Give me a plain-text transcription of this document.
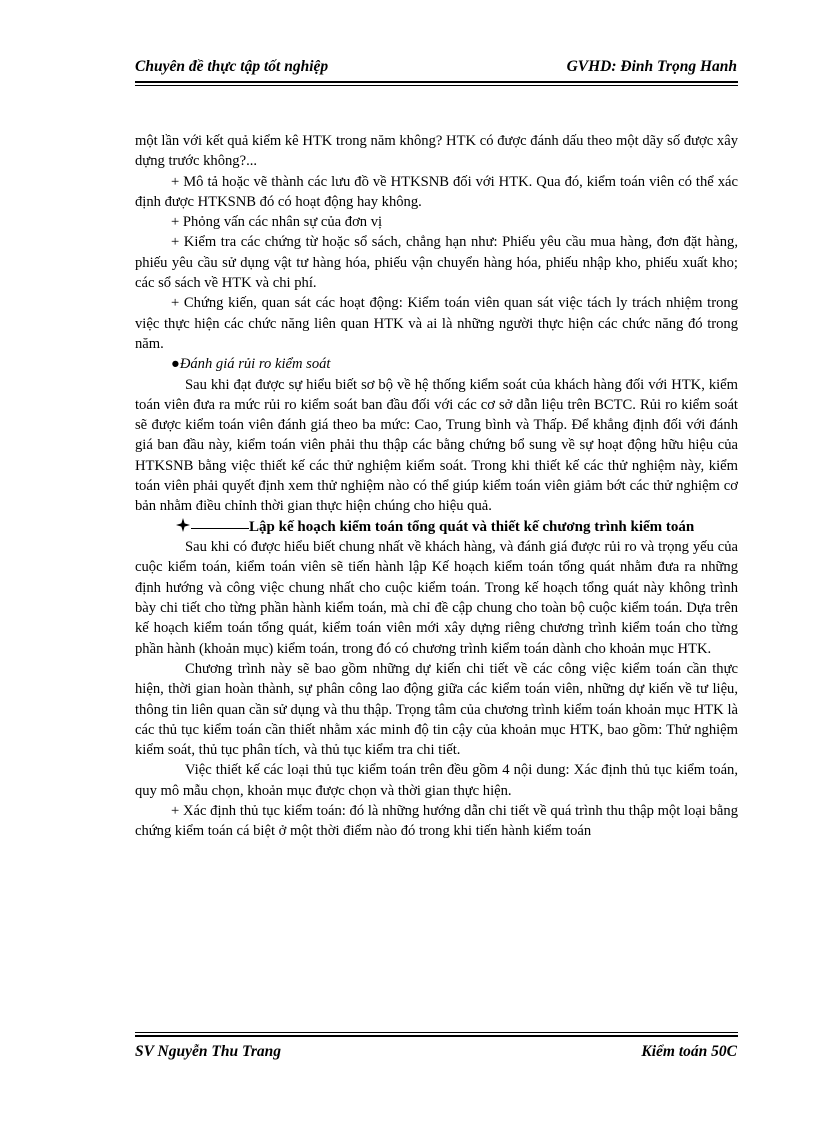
Chuyên đề thực tập tốt nghiệp	GVHD: Đinh Trọng Hanh

một lần với kết quả kiểm kê HTK trong năm không? HTK có được đánh dấu theo một dãy số được xây dựng trước không?...

+ Mô tả hoặc vẽ thành các lưu đồ về HTKSNB đối với HTK. Qua đó, kiểm toán viên có thể xác định được HTKSNB đó có hoạt động hay không.

+ Phỏng vấn các nhân sự của đơn vị

+ Kiểm tra các chứng từ hoặc sổ sách, chẳng hạn như: Phiếu yêu cầu mua hàng, đơn đặt hàng, phiếu yêu cầu sử dụng vật tư hàng hóa, phiếu vận chuyển hàng hóa, phiếu nhập kho, phiếu xuất kho; các sổ sách về HTK và chi phí.

+ Chứng kiến, quan sát các hoạt động: Kiểm toán viên quan sát việc tách ly trách nhiệm trong việc thực hiện các chức năng liên quan HTK và ai là những người thực hiện các chức năng đó trong năm.

●Đánh giá rủi ro kiểm soát

Sau khi đạt được sự hiểu biết sơ bộ về hệ thống kiểm soát của khách hàng đối với HTK, kiểm toán viên đưa ra mức rủi ro kiểm soát ban đầu đối với các cơ sở dẫn liệu trên BCTC. Rủi ro kiểm soát sẽ được kiểm toán viên đánh giá theo ba mức: Cao, Trung bình và Thấp. Để khẳng định đối với đánh giá ban đầu này, kiểm toán viên phải thu thập các bằng chứng bổ sung về sự hoạt động hữu hiệu của HTKSNB bằng việc thiết kế các thử nghiệm kiểm soát. Trong khi thiết kế các thử nghiệm này, kiểm toán viên phải quyết định xem thử nghiệm nào có thể giúp kiểm toán viên giảm bớt các thử nghiệm cơ bản nhằm điều chỉnh thời gian thực hiện chúng cho hiệu quả.

Lập kế hoạch kiểm toán tổng quát và thiết kế chương trình kiểm toán

Sau khi có được hiểu biết chung nhất về khách hàng, và đánh giá được rủi ro và trọng yếu của cuộc kiểm toán, kiểm toán viên sẽ tiến hành lập Kế hoạch kiểm toán tổng quát nhằm đưa ra những định hướng và công việc chung nhất cho cuộc kiểm toán. Trong kế hoạch tổng quát này không trình bày chi tiết cho từng phần hành kiểm toán, mà chỉ đề cập chung cho toàn bộ cuộc kiểm toán. Dựa trên kế hoạch kiểm toán tổng quát, kiểm toán viên mới xây dựng riêng chương trình kiểm toán cho từng phần hành (khoản mục) kiểm toán, trong đó có chương trình kiểm toán dành cho khoản mục HTK.

Chương trình này sẽ bao gồm những dự kiến chi tiết về các công việc kiểm toán cần thực hiện, thời gian hoàn thành, sự phân công lao động giữa các kiểm toán viên, những dự kiến về tư liệu, thông tin liên quan cần sử dụng và thu thập. Trọng tâm của chương trình kiểm toán khoản mục HTK là các thủ tục kiểm toán cần thiết nhằm xác minh độ tin cậy của khoản mục HTK, bao gồm: Thử nghiệm kiểm soát, thủ tục phân tích, và thủ tục kiểm tra chi tiết.

Việc thiết kế các loại thủ tục kiểm toán trên đều gồm 4 nội dung: Xác định thủ tục kiểm toán, quy mô mẫu chọn, khoản mục được chọn và thời gian thực hiện.

+ Xác định thủ tục kiểm toán: đó là những hướng dẫn chi tiết về quá trình thu thập một loại bằng chứng kiểm toán cá biệt ở một thời điểm nào đó trong khi tiến hành kiểm toán

SV Nguyễn Thu Trang	Kiểm toán 50C
